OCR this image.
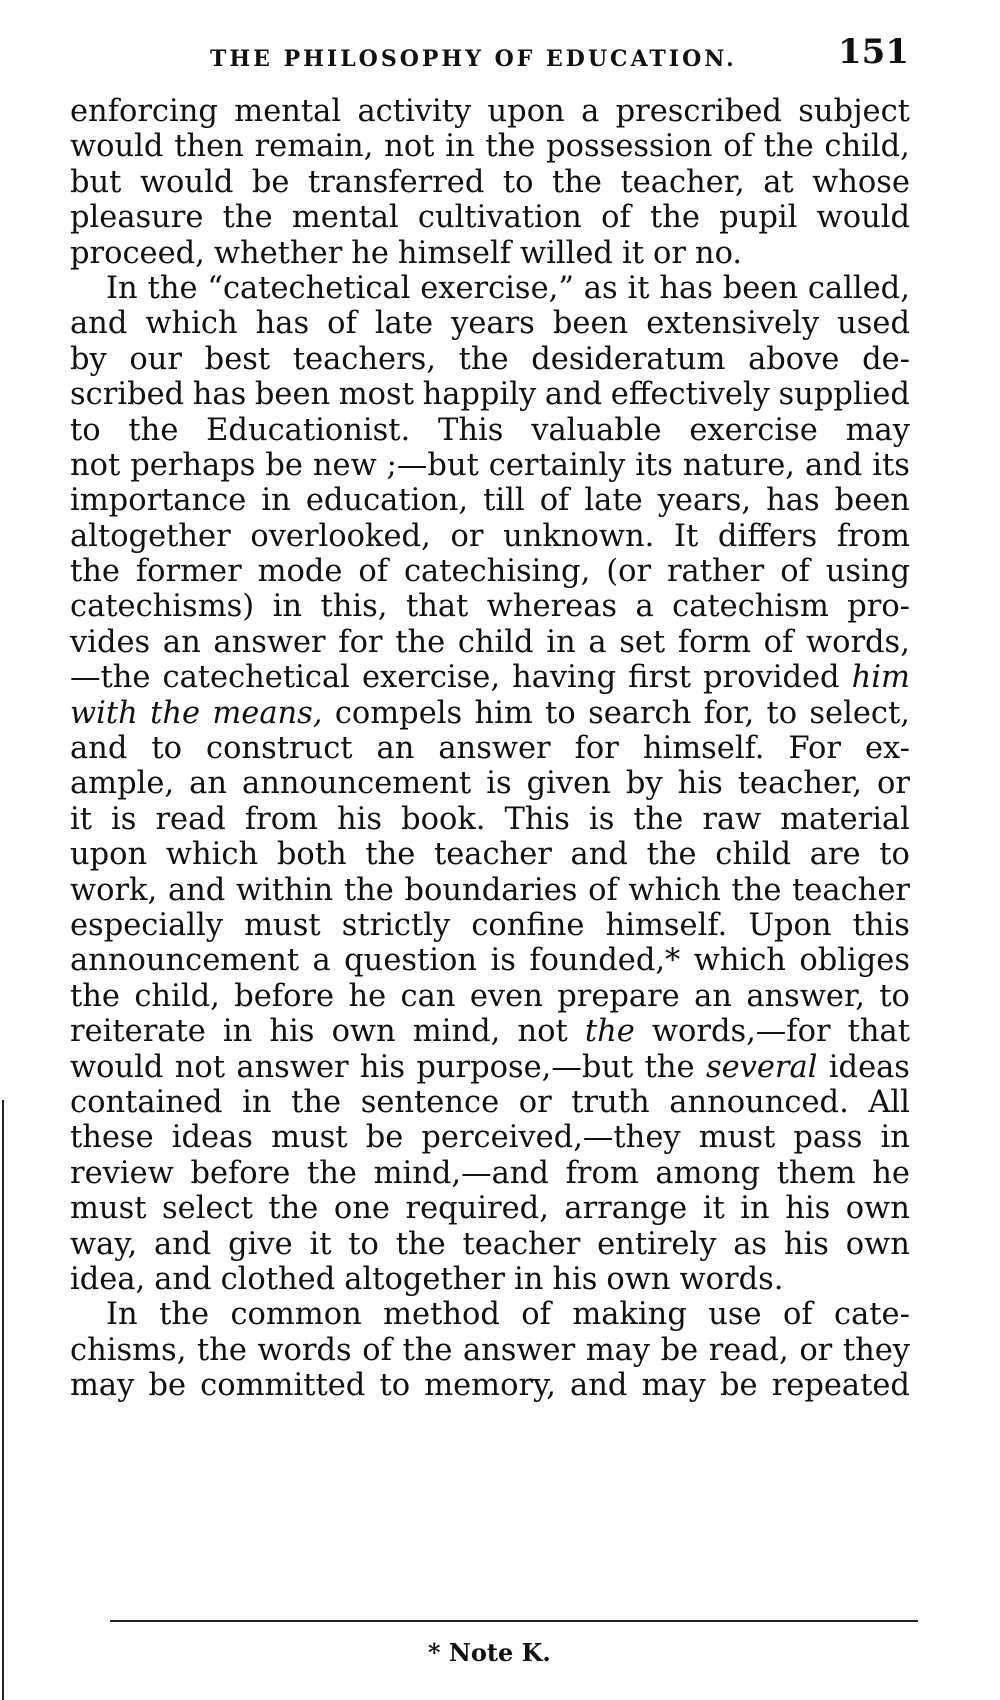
THE PHILOSOPHY OF EDUCATION.	151
enforcing mental activity upon a prescribed subject
would then remain, not in the possession of the child,
but would be transferred to the teacher, at whose
pleasure the mental cultivation of the pupil would
proceed, whether he himself willed it or no.
In the “catechetical exercise,” as it has been called,
and which has of late years been extensively used
by our best teachers, the desideratum above de-
scribed has been most happily and effectively supplied
to the Educationist. This valuable exercise may
not perhaps be new ;—but certainly its nature, and its
importance in education, till of late years, has been
altogether overlooked, or unknown. It differs from
the former mode of catechising, (or rather of using
catechisms) in this, that whereas a catechism pro-
vides an answer for the child in a set form of words,
—the catechetical exercise, having first provided him
with the means, compels him to search for, to select,
and to construct an answer for himself. For ex-
ample, an announcement is given by his teacher, or
it is read from his book. This is the raw material
upon which both the teacher and the child are to
work, and within the boundaries of which the teacher
especially must strictly confine himself. Upon this
announcement a question is founded,* which obliges
the child, before he can even prepare an answer, to
reiterate in his own mind, not the words,—for that
would not answer his purpose,—but the several ideas
contained in the sentence or truth announced. All
these ideas must be perceived,—they must pass in
review before the mind,—and from among them he
must select the one required, arrange it in his own
way, and give it to the teacher entirely as his own
idea, and clothed altogether in his own words.
In the common method of making use of cate-
chisms, the words of the answer may be read, or they
may be committed to memory, and may be repeated
* Note K.
